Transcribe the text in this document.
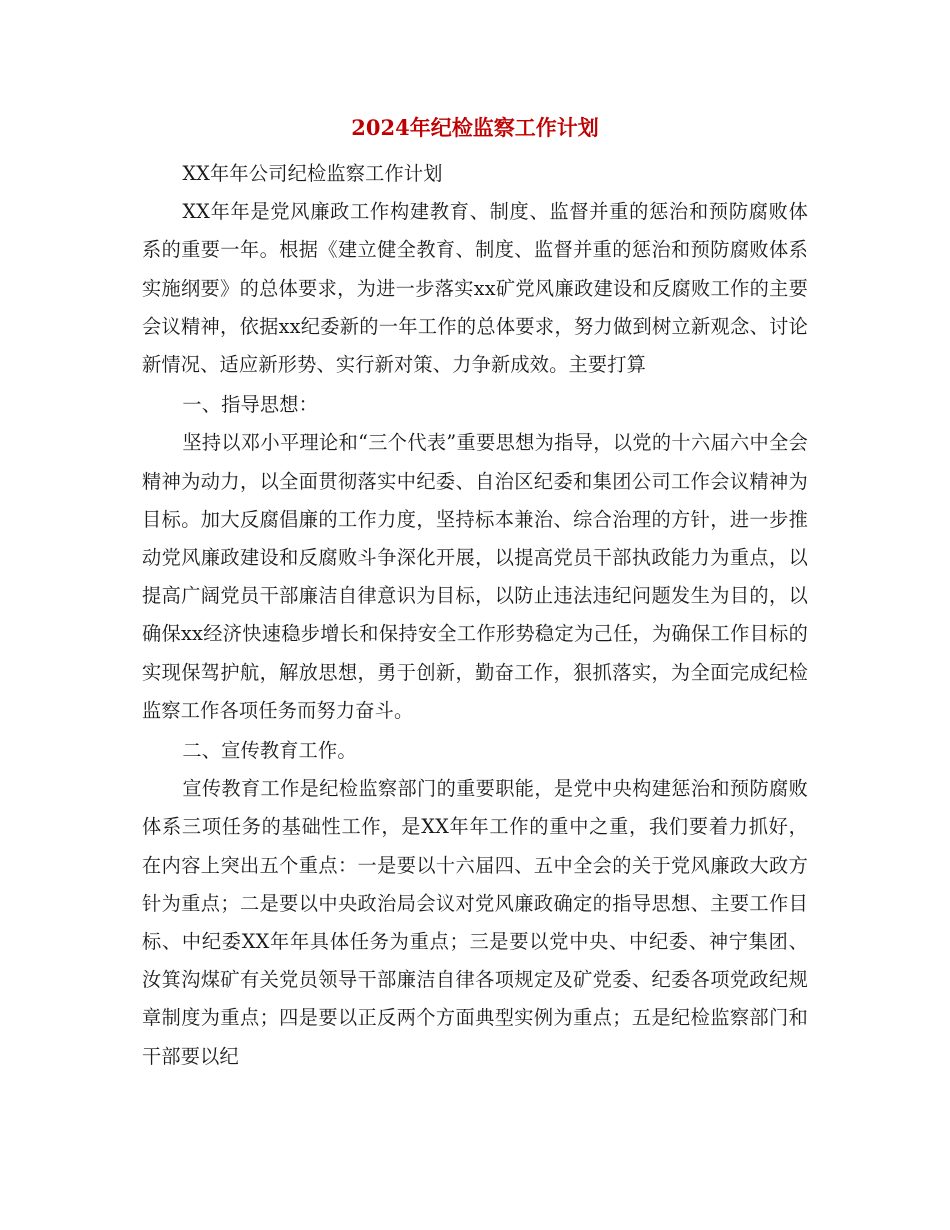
2024年纪检监察工作计划

XX年年公司纪检监察工作计划

XX年年是党风廉政工作构建教育、制度、监督并重的惩治和预防腐败体系的重要一年。根据《建立健全教育、制度、监督并重的惩治和预防腐败体系实施纲要》的总体要求，为进一步落实xx矿党风廉政建设和反腐败工作的主要会议精神，依据xx纪委新的一年工作的总体要求，努力做到树立新观念、讨论新情况、适应新形势、实行新对策、力争新成效。主要打算

一、指导思想：

坚持以邓小平理论和“三个代表”重要思想为指导，以党的十六届六中全会精神为动力，以全面贯彻落实中纪委、自治区纪委和集团公司工作会议精神为目标。加大反腐倡廉的工作力度，坚持标本兼治、综合治理的方针，进一步推动党风廉政建设和反腐败斗争深化开展，以提高党员干部执政能力为重点，以提高广阔党员干部廉洁自律意识为目标，以防止违法违纪问题发生为目的，以确保xx经济快速稳步增长和保持安全工作形势稳定为己任，为确保工作目标的实现保驾护航，解放思想，勇于创新，勤奋工作，狠抓落实，为全面完成纪检监察工作各项任务而努力奋斗。

二、宣传教育工作。

宣传教育工作是纪检监察部门的重要职能，是党中央构建惩治和预防腐败体系三项任务的基础性工作，是XX年年工作的重中之重，我们要着力抓好，在内容上突出五个重点：一是要以十六届四、五中全会的关于党风廉政大政方针为重点；二是要以中央政治局会议对党风廉政确定的指导思想、主要工作目标、中纪委XX年年具体任务为重点；三是要以党中央、中纪委、神宁集团、汝箕沟煤矿有关党员领导干部廉洁自律各项规定及矿党委、纪委各项党政纪规章制度为重点；四是要以正反两个方面典型实例为重点；五是纪检监察部门和干部要以纪
